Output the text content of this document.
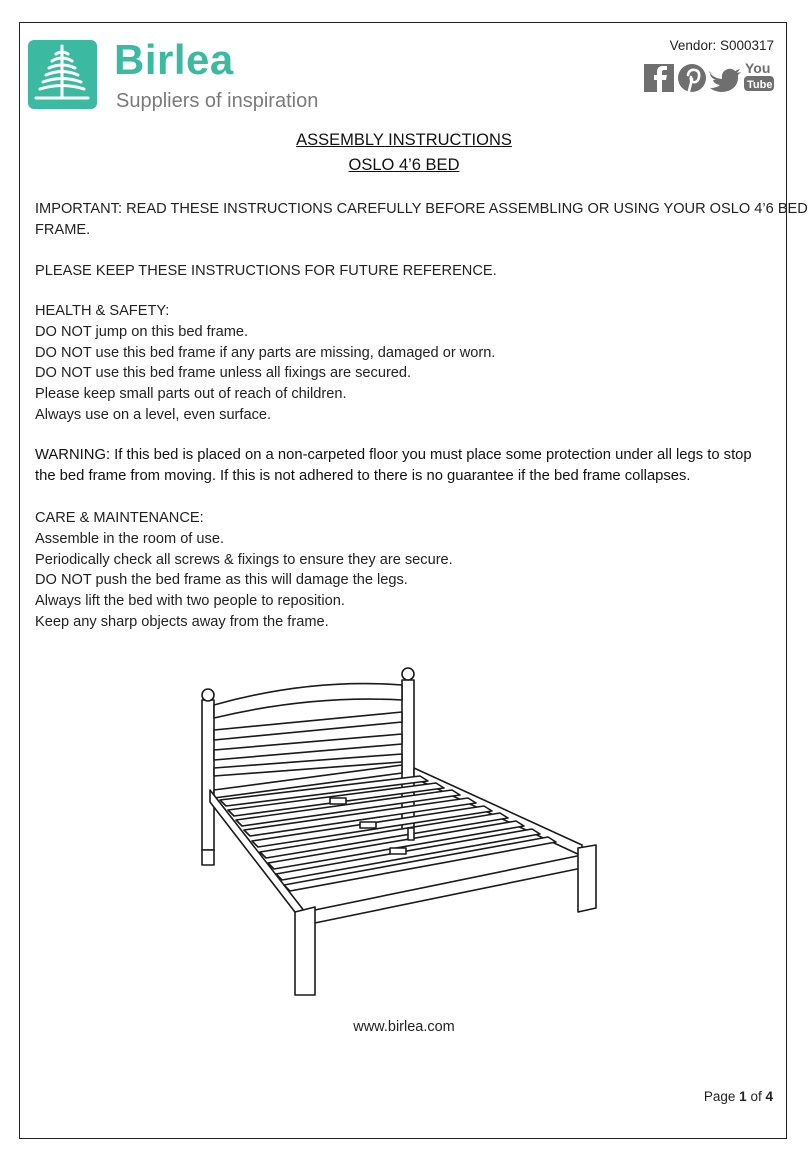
Birlea
Suppliers of inspiration
Vendor: S000317
You
Tube
ASSEMBLY INSTRUCTIONS
OSLO 4’6 BED
IMPORTANT: READ THESE INSTRUCTIONS CAREFULLY BEFORE ASSEMBLING OR USING YOUR OSLO 4’6 BED
FRAME.
PLEASE KEEP THESE INSTRUCTIONS FOR FUTURE REFERENCE.
HEALTH & SAFETY:
DO NOT jump on this bed frame.
DO NOT use this bed frame if any parts are missing, damaged or worn.
DO NOT use this bed frame unless all fixings are secured.
Please keep small parts out of reach of children.
Always use on a level, even surface.
WARNING: If this bed is placed on a non-carpeted floor you must place some protection under all legs to stop
the bed frame from moving. If this is not adhered to there is no guarantee if the bed frame collapses.
CARE & MAINTENANCE:
Assemble in the room of use.
Periodically check all screws & fixings to ensure they are secure.
DO NOT push the bed frame as this will damage the legs.
Always lift the bed with two people to reposition.
Keep any sharp objects away from the frame.
www.birlea.com
Page 1 of 4
